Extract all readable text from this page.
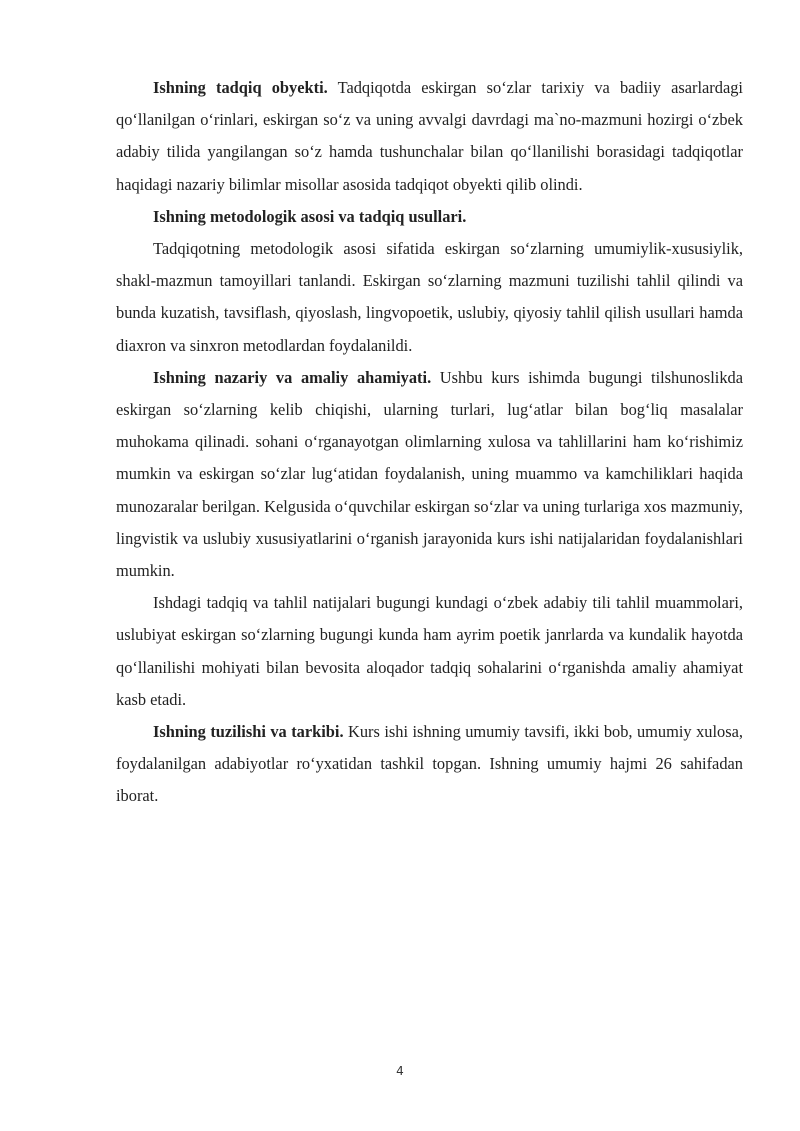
Ishning tadqiq obyekti. Tadqiqotda eskirgan so‘zlar tarixiy va badiiy asarlardagi qo‘llanilgan o‘rinlari, eskirgan so‘z va uning avvalgi davrdagi ma`no-mazmuni hozirgi o‘zbek adabiy tilida yangilangan so‘z hamda tushunchalar bilan qo‘llanilishi borasidagi tadqiqotlar haqidagi nazariy bilimlar misollar asosida tadqiqot obyekti qilib olindi.

Ishning metodologik asosi va tadqiq usullari.

Tadqiqotning metodologik asosi sifatida eskirgan so‘zlarning umumiylik-xususiylik, shakl-mazmun tamoyillari tanlandi. Eskirgan so‘zlarning mazmuni tuzilishi tahlil qilindi va bunda kuzatish, tavsiflash, qiyoslash, lingvopoetik, uslubiy, qiyosiy tahlil qilish usullari hamda diaxron va sinxron metodlardan foydalanildi.

Ishning nazariy va amaliy ahamiyati. Ushbu kurs ishimda bugungi tilshunoslikda eskirgan so‘zlarning kelib chiqishi, ularning turlari, lug‘atlar bilan bog‘liq masalalar muhokama qilinadi. sohani o‘rganayotgan olimlarning xulosa va tahlillarini ham ko‘rishimiz mumkin va eskirgan so‘zlar lug‘atidan foydalanish, uning muammo va kamchiliklari haqida munozaralar berilgan. Kelgusida o‘quvchilar eskirgan so‘zlar va uning turlariga xos mazmuniy, lingvistik va uslubiy xususiyatlarini o‘rganish jarayonida kurs ishi natijalaridan foydalanishlari mumkin.

Ishdagi tadqiq va tahlil natijalari bugungi kundagi o‘zbek adabiy tili tahlil muammolari, uslubiyat eskirgan so‘zlarning bugungi kunda ham ayrim poetik janrlarda va kundalik hayotda qo‘llanilishi mohiyati bilan bevosita aloqador tadqiq sohalarini o‘rganishda amaliy ahamiyat kasb etadi.

Ishning tuzilishi va tarkibi. Kurs ishi ishning umumiy tavsifi, ikki bob, umumiy xulosa, foydalanilgan adabiyotlar ro‘yxatidan tashkil topgan. Ishning umumiy hajmi 26 sahifadan iborat.

4
